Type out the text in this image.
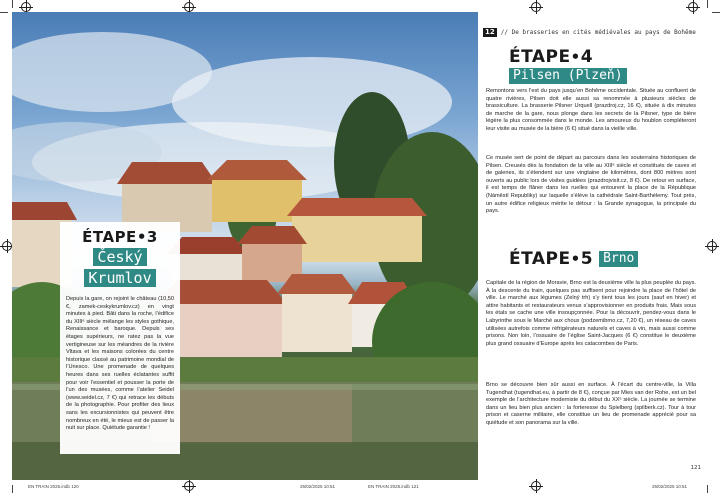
ÉTAPE•3
Český
Krumlov

Depuis la gare, on rejoint le château (10,50 €, zamek-ceskykrumlov.cz) en vingt minutes à pied. Bâti dans la roche, l’édifice du XIIIᵉ siècle mélange les styles gothique, Renaissance et baroque. Depuis ses étages supérieurs, ne ratez pas la vue vertigineuse sur les méandres de la rivière Vltava et les maisons colorées du centre historique classé au patrimoine mondial de l’Unesco. Une promenade de quelques heures dans ses ruelles éclatantes suffit pour voir l’essentiel et pousser la porte de l’un des musées, comme l’atelier Seidel (www.seidel.cz, 7 €) qui retrace les débuts de la photographie. Pour profiter des lieux sans les excursionnistes qui peuvent être nombreux en été, le mieux est de passer la nuit sur place. Quiétude garantie !

12	// De brasseries en cités médiévales au pays de Bohême
ÉTAPE•4
Pilsen (Plzeň)

Remontons vers l’est du pays jusqu’en Bohême occidentale. Située au confluent de quatre rivières, Pilsen doit elle aussi sa renommée à plusieurs siècles de brassiculture. La brasserie Pilsner Urquell (prazdroj.cz, 16 €), située à dix minutes de marche de la gare, nous plonge dans les secrets de la Pilsner, type de bière légère la plus consommée dans le monde. Les amoureux du houblon compléteront leur visite au musée de la bière (6 €) situé dans la vieille ville.

Ce musée sert de point de départ au parcours dans les souterrains historiques de Pilsen. Creusés dès la fondation de la ville au XIIIᵉ siècle et constitués de caves et de galeries, ils s’étendent sur une vingtaine de kilomètres, dont 800 mètres sont ouverts au public lors de visites guidées (prazdrojvisit.cz, 8 €). De retour en surface, il est temps de flâner dans les ruelles qui entourent la place de la République (Náměstí Republiky) sur laquelle s’élève la cathédrale Saint-Barthélemy. Tout près, un autre édifice religieux mérite le détour : la Grande synagogue, la principale du pays.

ÉTAPE•5 Brno

Capitale de la région de Moravie, Brno est la deuxième ville la plus peuplée du pays. À la descente du train, quelques pas suffisent pour rejoindre la place de l’hôtel de ville. Le marché aux légumes (Zelný trh) s’y tient tous les jours (sauf en hiver) et attire habitants et restaurateurs venus s’approvisionner en produits frais. Mais sous les étals se cache une ville insoupçonnée. Pour la découvrir, pendez-vous dans le Labyrinthe sous le Marché aux choux (podzemibrno.cz, 7,20 €), un réseau de caves utilisées autrefois comme réfrigérateurs naturels et caves à vin, mais aussi comme prisons. Non loin, l’ossuaire de l’église Saint-Jacques (6 €) constitue le deuxième plus grand ossuaire d’Europe après les catacombes de Paris.

Brno se découvre bien sûr aussi en surface. À l’écart du centre-ville, la Villa Tugendhat (tugendhat.eu, à partir de 8 €), conçue par Mies van der Rohe, est un bel exemple de l’architecture moderniste du début du XXᵉ siècle. La journée se termine dans un lieu bien plus ancien : la forteresse du Spielberg (spilberk.cz). Tour à tour prison et caserne militaire, elle constitue un lieu de promenade apprécié pour sa quiétude et son panorama sur la ville.

121
EN TRAIN 2025.indb 120	26/02/2025 10:51	EN TRAIN 2025.indb 121	26/02/2025 10:51
